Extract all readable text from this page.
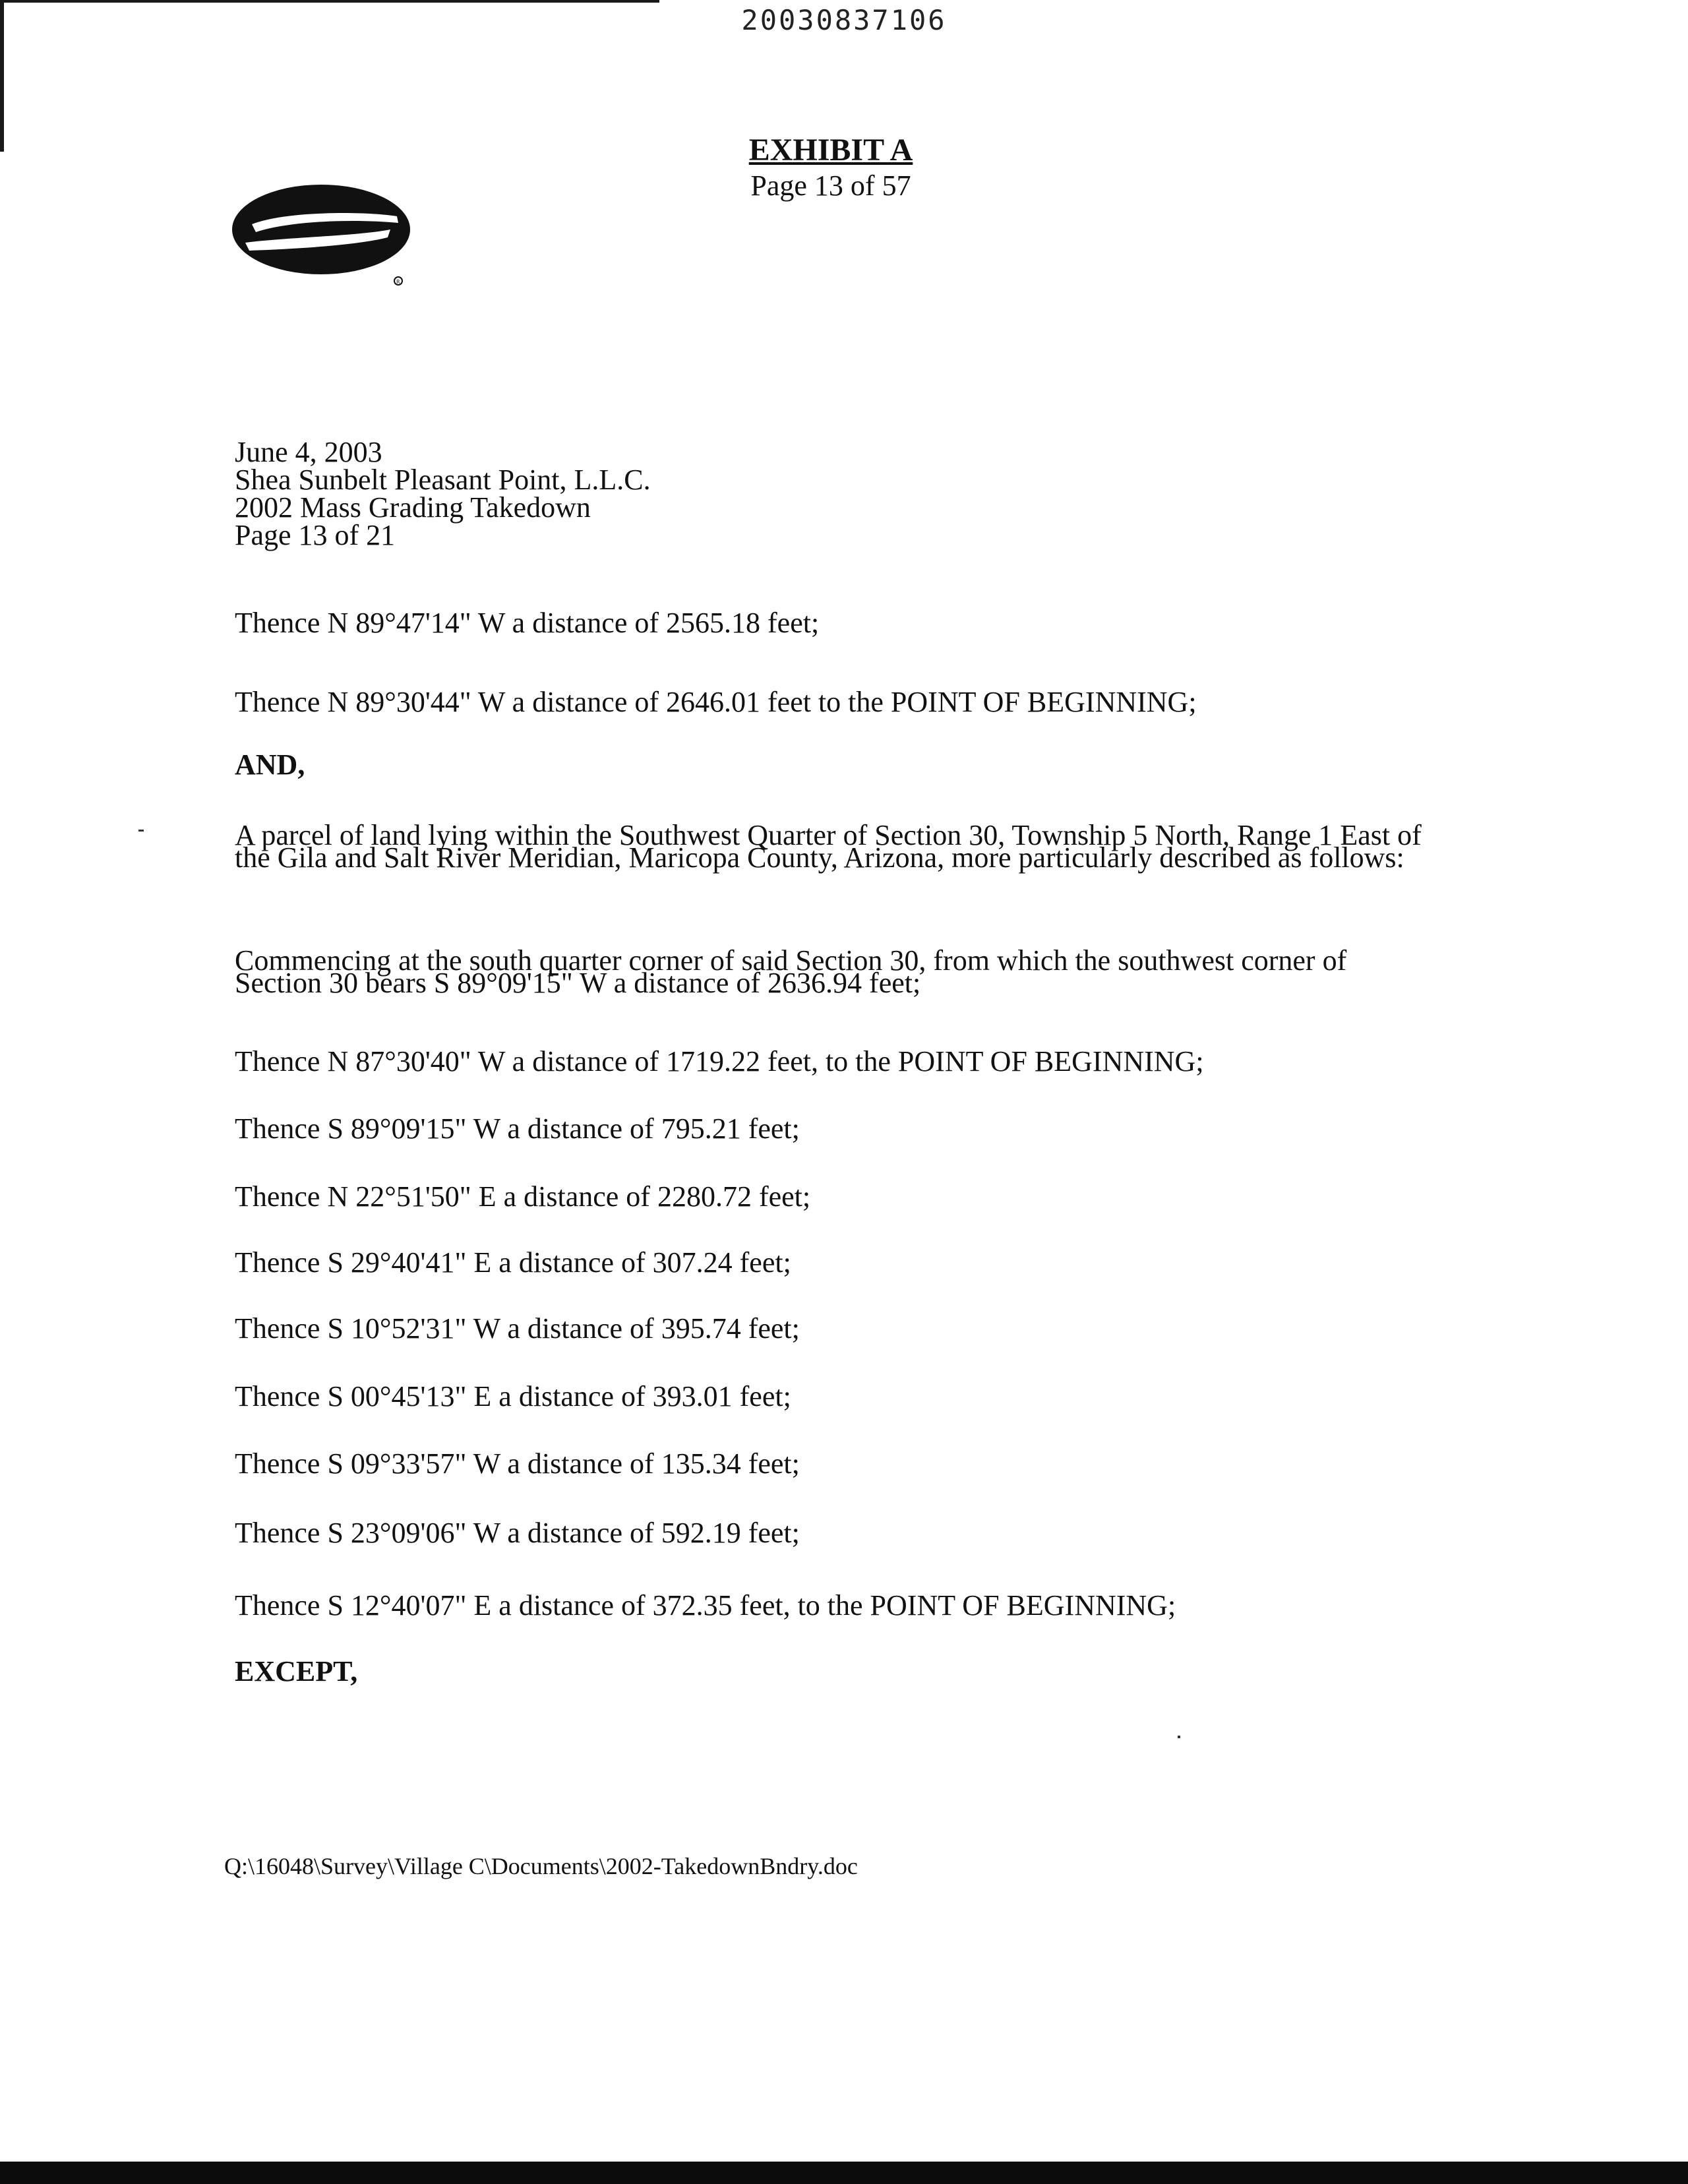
20030837106
EXHIBIT A
Page 13 of 57
R
June 4, 2003
Shea Sunbelt Pleasant Point, L.L.C.
2002 Mass Grading Takedown
Page 13 of 21
Thence N 89°47'14" W a distance of 2565.18 feet;
Thence N 89°30'44" W a distance of 2646.01 feet to the POINT OF BEGINNING;
AND,
A parcel of land lying within the Southwest Quarter of Section 30, Township 5 North, Range 1 East of the Gila and Salt River Meridian, Maricopa County, Arizona, more particularly described as follows:
Commencing at the south quarter corner of said Section 30, from which the southwest corner of Section 30 bears S 89°09'15" W a distance of 2636.94 feet;
Thence N 87°30'40" W a distance of 1719.22 feet, to the POINT OF BEGINNING;
Thence S 89°09'15" W a distance of 795.21 feet;
Thence N 22°51'50" E a distance of 2280.72 feet;
Thence S 29°40'41" E a distance of 307.24 feet;
Thence S 10°52'31" W a distance of 395.74 feet;
Thence S 00°45'13" E a distance of 393.01 feet;
Thence S 09°33'57" W a distance of 135.34 feet;
Thence S 23°09'06" W a distance of 592.19 feet;
Thence S 12°40'07" E a distance of 372.35 feet, to the POINT OF BEGINNING;
EXCEPT,
Q:\16048\Survey\Village C\Documents\2002-TakedownBndry.doc
